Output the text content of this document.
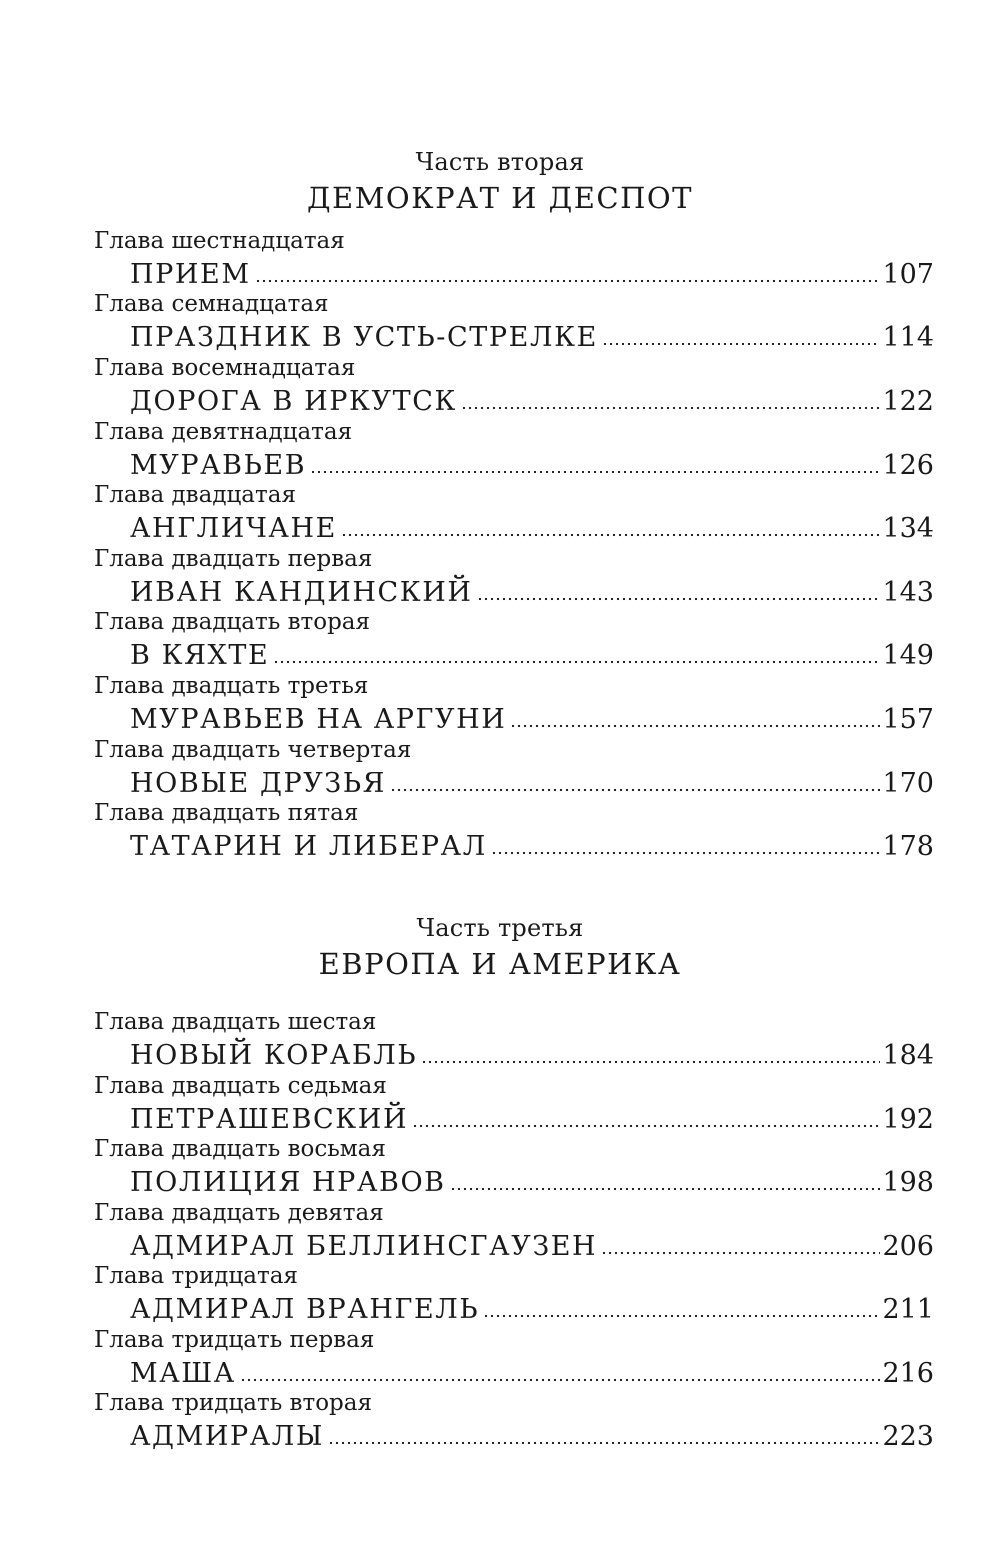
Часть вторая
ДЕМОКРАТ И ДЕСПОТ
Глава шестнадцатая
ПРИЕМ	107
Глава семнадцатая
ПРАЗДНИК В УСТЬ-СТРЕЛКЕ	114
Глава восемнадцатая
ДОРОГА В ИРКУТСК	122
Глава девятнадцатая
МУРАВЬЕВ	126
Глава двадцатая
АНГЛИЧАНЕ	134
Глава двадцать первая
ИВАН КАНДИНСКИЙ	143
Глава двадцать вторая
В КЯХТЕ	149
Глава двадцать третья
МУРАВЬЕВ НА АРГУНИ	157
Глава двадцать четвертая
НОВЫЕ ДРУЗЬЯ	170
Глава двадцать пятая
ТАТАРИН И ЛИБЕРАЛ	178
Часть третья
ЕВРОПА И АМЕРИКА
Глава двадцать шестая
НОВЫЙ КОРАБЛЬ	184
Глава двадцать седьмая
ПЕТРАШЕВСКИЙ	192
Глава двадцать восьмая
ПОЛИЦИЯ НРАВОВ	198
Глава двадцать девятая
АДМИРАЛ БЕЛЛИНСГАУЗЕН	206
Глава тридцатая
АДМИРАЛ ВРАНГЕЛЬ	211
Глава тридцать первая
МАША	216
Глава тридцать вторая
АДМИРАЛЫ	223
